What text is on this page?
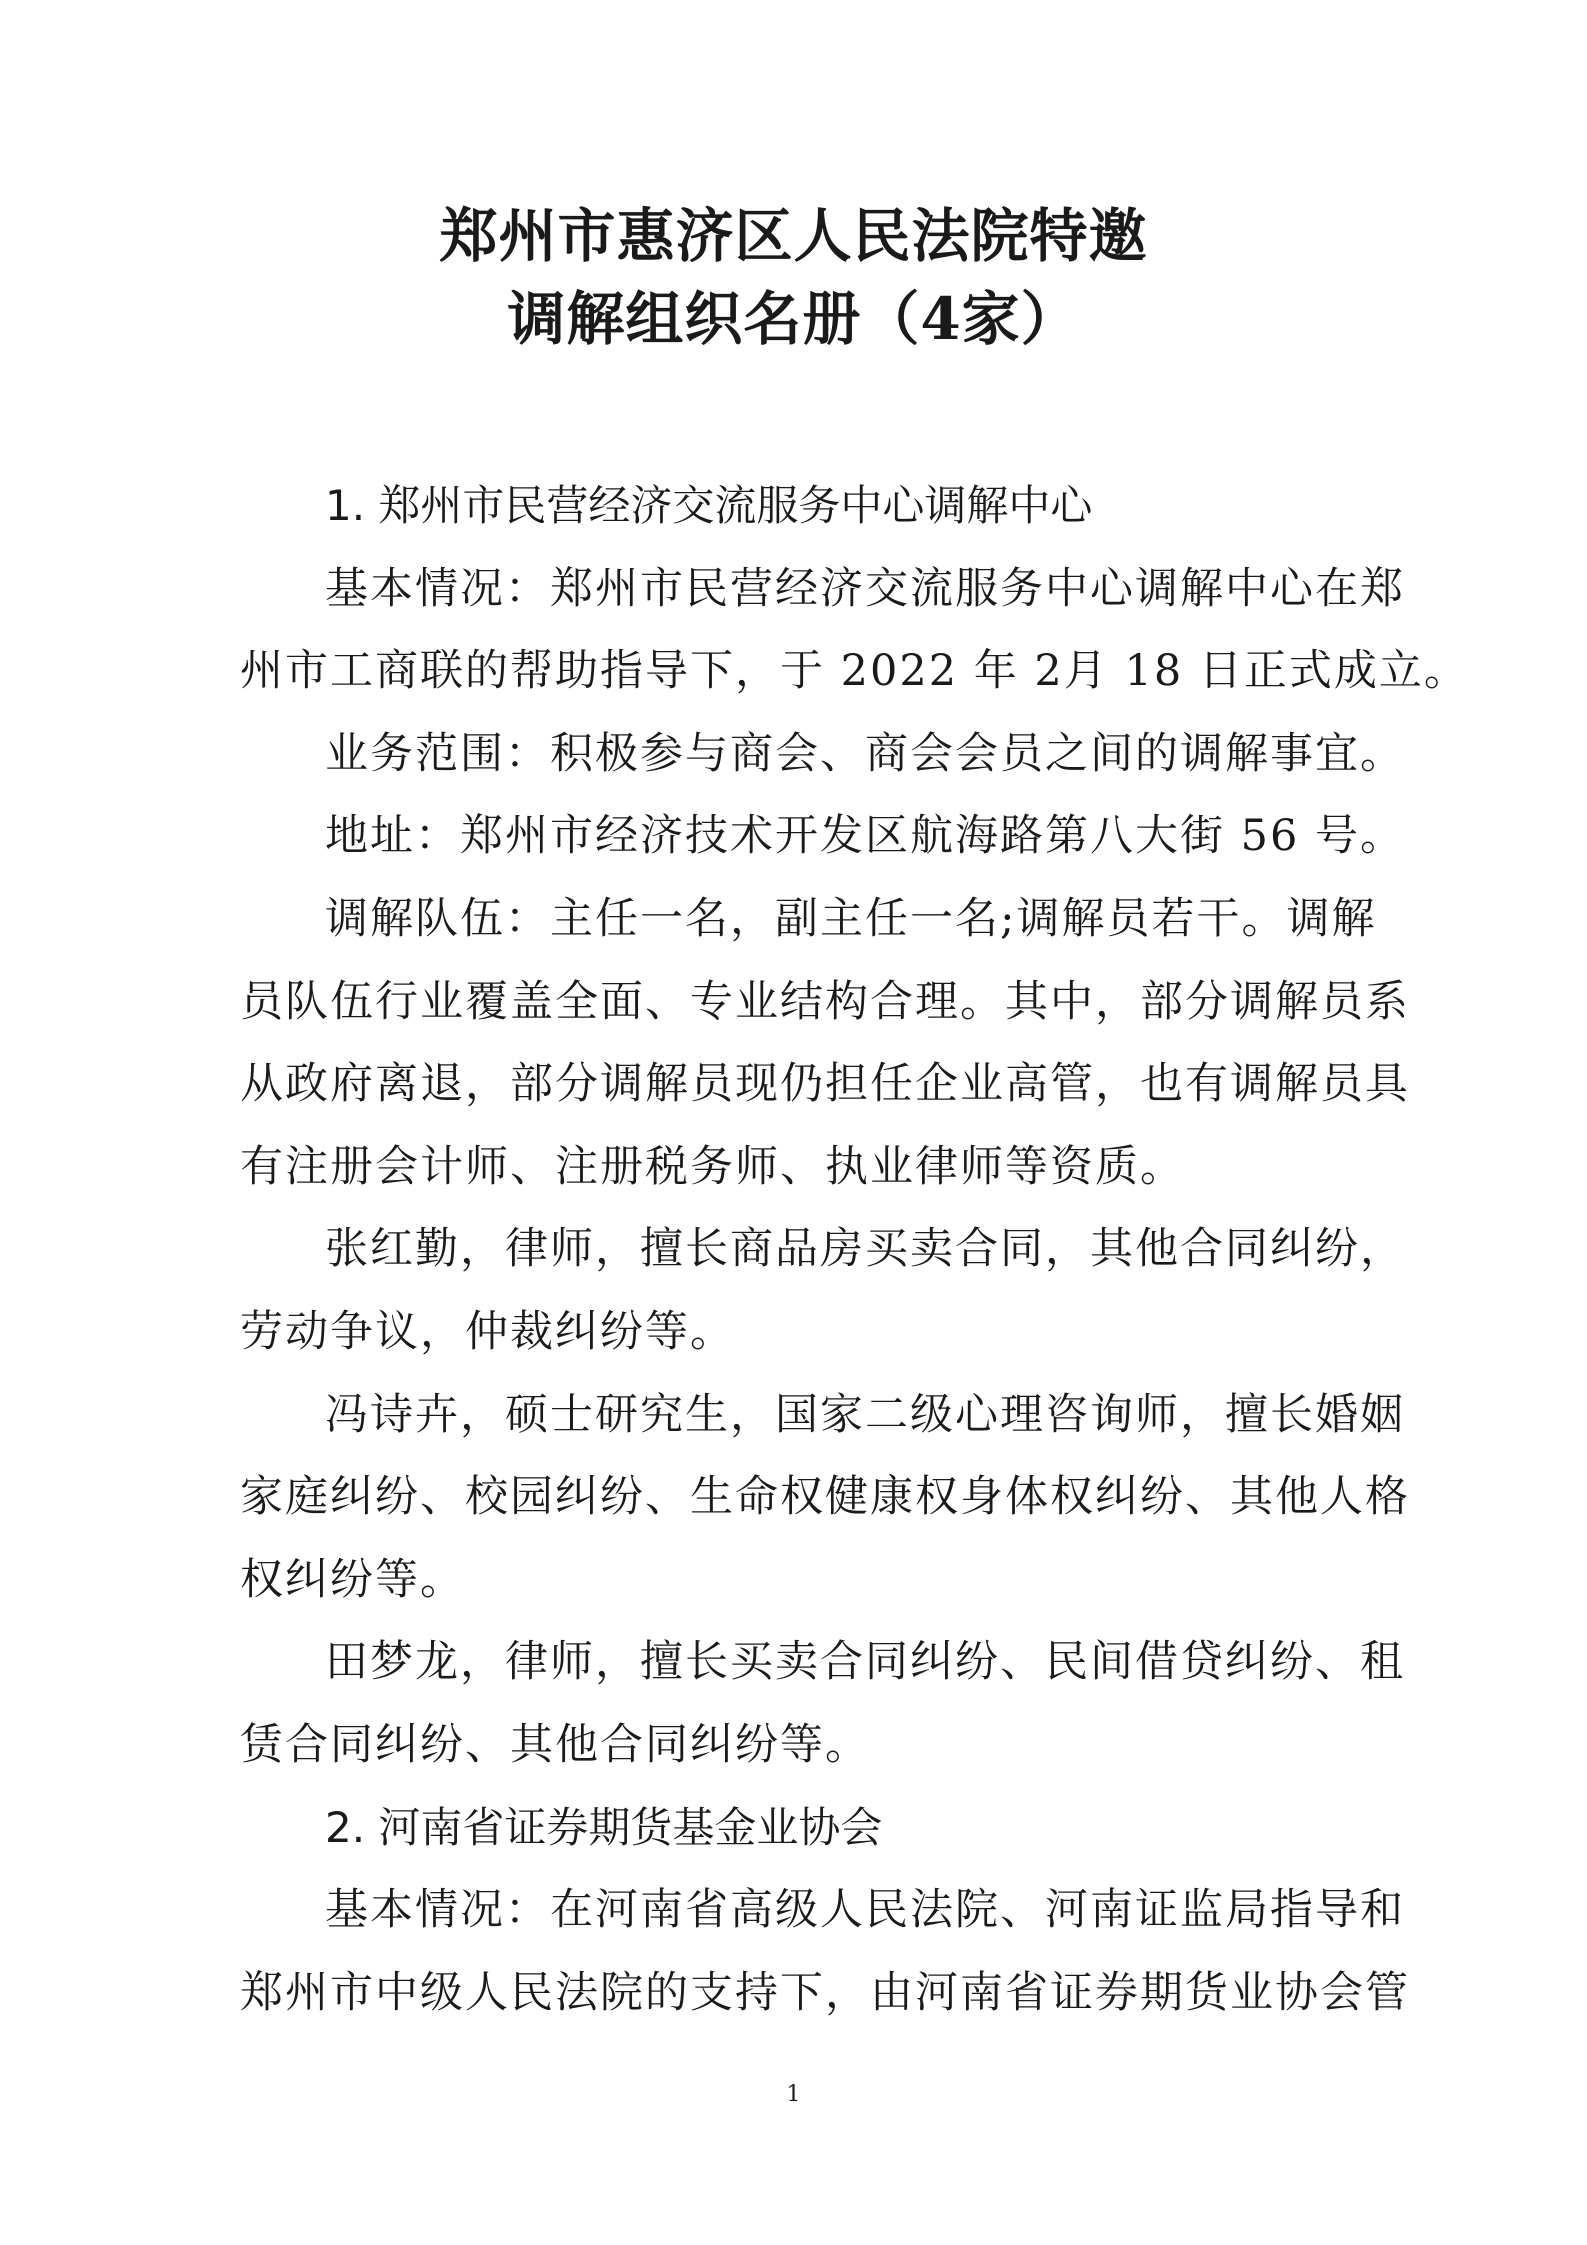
郑州市惠济区人民法院特邀
调解组织名册（4家）
1. 郑州市民营经济交流服务中心调解中心
基本情况：郑州市民营经济交流服务中心调解中心在郑
州市工商联的帮助指导下，于 2022 年 2月 18 日正式成立。
业务范围：积极参与商会、商会会员之间的调解事宜。
地址：郑州市经济技术开发区航海路第八大街 56 号。
调解队伍：主任一名，副主任一名;调解员若干。调解
员队伍行业覆盖全面、专业结构合理。其中，部分调解员系
从政府离退，部分调解员现仍担任企业高管，也有调解员具
有注册会计师、注册税务师、执业律师等资质。
张红勤，律师，擅长商品房买卖合同，其他合同纠纷，
劳动争议，仲裁纠纷等。
冯诗卉，硕士研究生，国家二级心理咨询师，擅长婚姻
家庭纠纷、校园纠纷、生命权健康权身体权纠纷、其他人格
权纠纷等。
田梦龙，律师，擅长买卖合同纠纷、民间借贷纠纷、租
赁合同纠纷、其他合同纠纷等。
2. 河南省证券期货基金业协会
基本情况：在河南省高级人民法院、河南证监局指导和
郑州市中级人民法院的支持下，由河南省证券期货业协会管
1
